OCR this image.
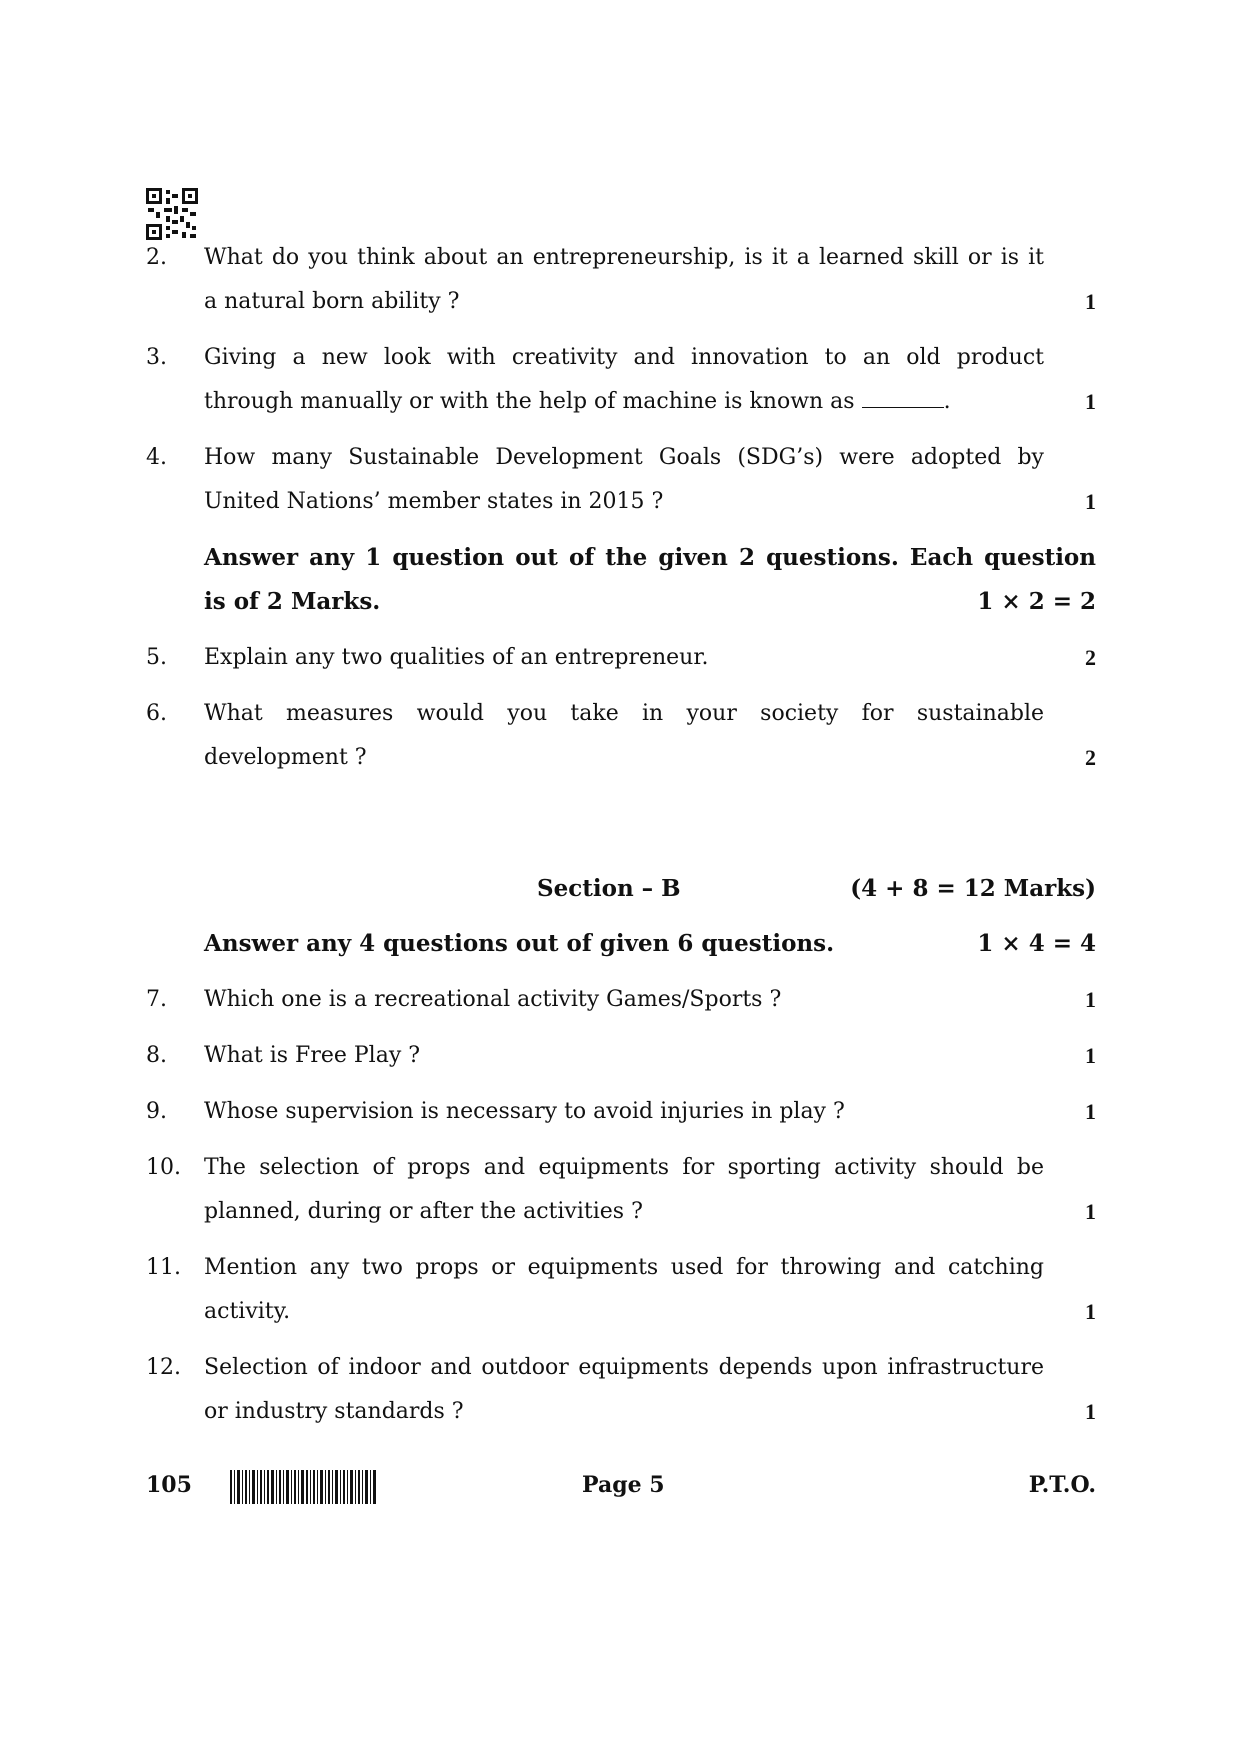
2.	What do you think about an entrepreneurship, is it a learned skill or is it
a natural born ability ?	1
3.	Giving a new look with creativity and innovation to an old product
through manually or with the help of machine is known as	.	1
4.	How many Sustainable Development Goals (SDG’s) were adopted by
United Nations’ member states in 2015 ?	1
Answer any 1 question out of the given 2 questions. Each question
is of 2 Marks.	1 × 2 = 2
5.	Explain any two qualities of an entrepreneur.	2
6.	What measures would you take in your society for sustainable
development ?	2
Section – B	(4 + 8 = 12 Marks)
Answer any 4 questions out of given 6 questions.	1 × 4 = 4
7.	Which one is a recreational activity Games/Sports ?	1
8.	What is Free Play ?	1
9.	Whose supervision is necessary to avoid injuries in play ?	1
10.	The selection of props and equipments for sporting activity should be
planned, during or after the activities ?	1
11.	Mention any two props or equipments used for throwing and catching
activity.	1
12.	Selection of indoor and outdoor equipments depends upon infrastructure
or industry standards ?	1
105	Page 5	P.T.O.
